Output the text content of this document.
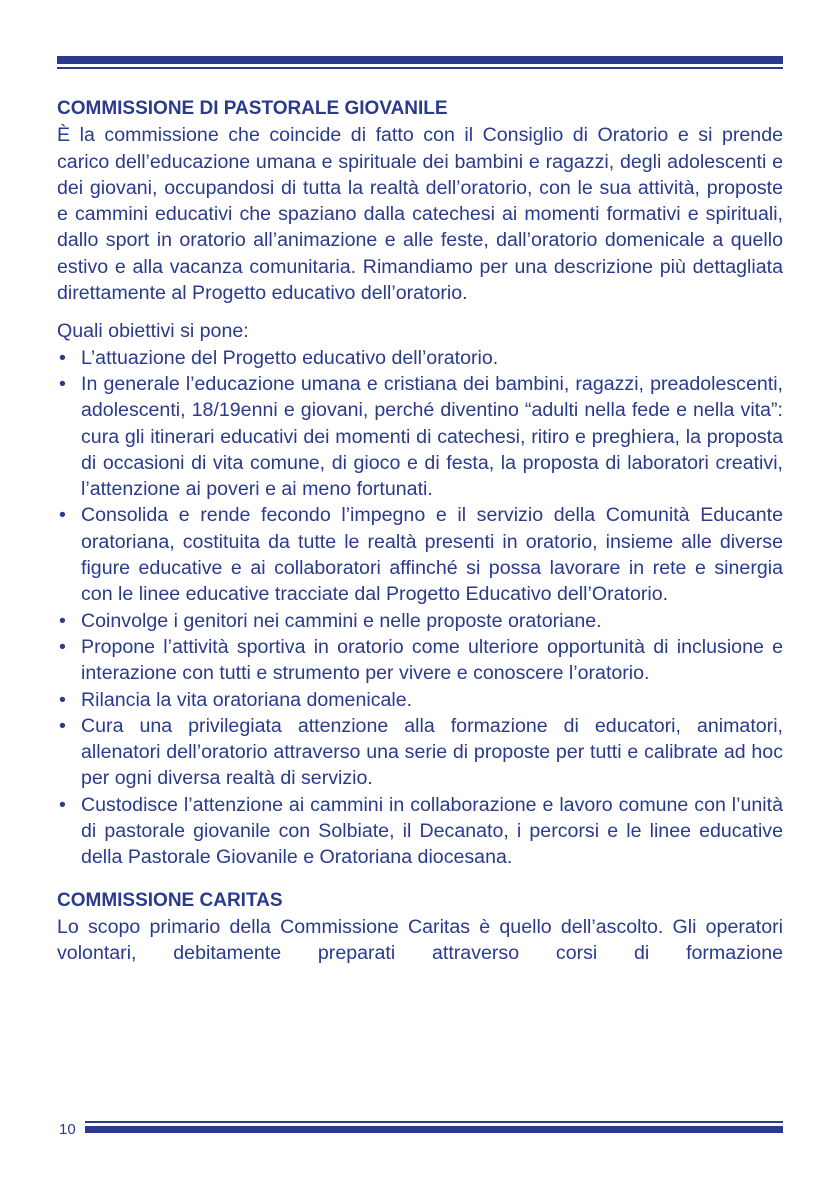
COMMISSIONE DI PASTORALE GIOVANILE

È la commissione che coincide di fatto con il Consiglio di Oratorio e si prende carico dell’educazione umana e spirituale dei bambini e ragazzi, degli adolescenti e dei giovani, occupandosi di tutta la realtà dell’oratorio, con le sua attività, proposte e cammini educativi che spaziano dalla catechesi ai momenti formativi e spirituali, dallo sport in oratorio all’animazione e alle feste, dall’oratorio domenicale a quello estivo e alla vacanza comunitaria. Rimandiamo per una descrizione più dettagliata direttamente al Progetto educativo dell’oratorio.

Quali obiettivi si pone:

• L’attuazione del Progetto educativo dell’oratorio.
• In generale l’educazione umana e cristiana dei bambini, ragazzi, preadolescenti, adolescenti, 18/19enni e giovani, perché diventino “adulti nella fede e nella vita”: cura gli itinerari educativi dei momenti di catechesi, ritiro e preghiera, la proposta di occasioni di vita comune, di gioco e di festa, la proposta di laboratori creativi, l’attenzione ai poveri e ai meno fortunati.
• Consolida e rende fecondo l’impegno e il servizio della Comunità Educante oratoriana, costituita da tutte le realtà presenti in oratorio, insieme alle diverse figure educative e ai collaboratori affinché si possa lavorare in rete e sinergia con le linee educative tracciate dal Progetto Educativo dell’Oratorio.
• Coinvolge i genitori nei cammini e nelle proposte oratoriane.
• Propone l’attività sportiva in oratorio come ulteriore opportunità di inclusione e interazione con tutti e strumento per vivere e conoscere l’oratorio.
• Rilancia la vita oratoriana domenicale.
• Cura una privilegiata attenzione alla formazione di educatori, animatori, allenatori dell’oratorio attraverso una serie di proposte per tutti e calibrate ad hoc per ogni diversa realtà di servizio.
• Custodisce l’attenzione ai cammini in collaborazione e lavoro comune con l’unità di pastorale giovanile con Solbiate, il Decanato, i percorsi e le linee educative della Pastorale Giovanile e Oratoriana diocesana.
COMMISSIONE CARITAS

Lo scopo primario della Commissione Caritas è quello dell’ascolto. Gli operatori volontari, debitamente preparati attraverso corsi di formazione

10
